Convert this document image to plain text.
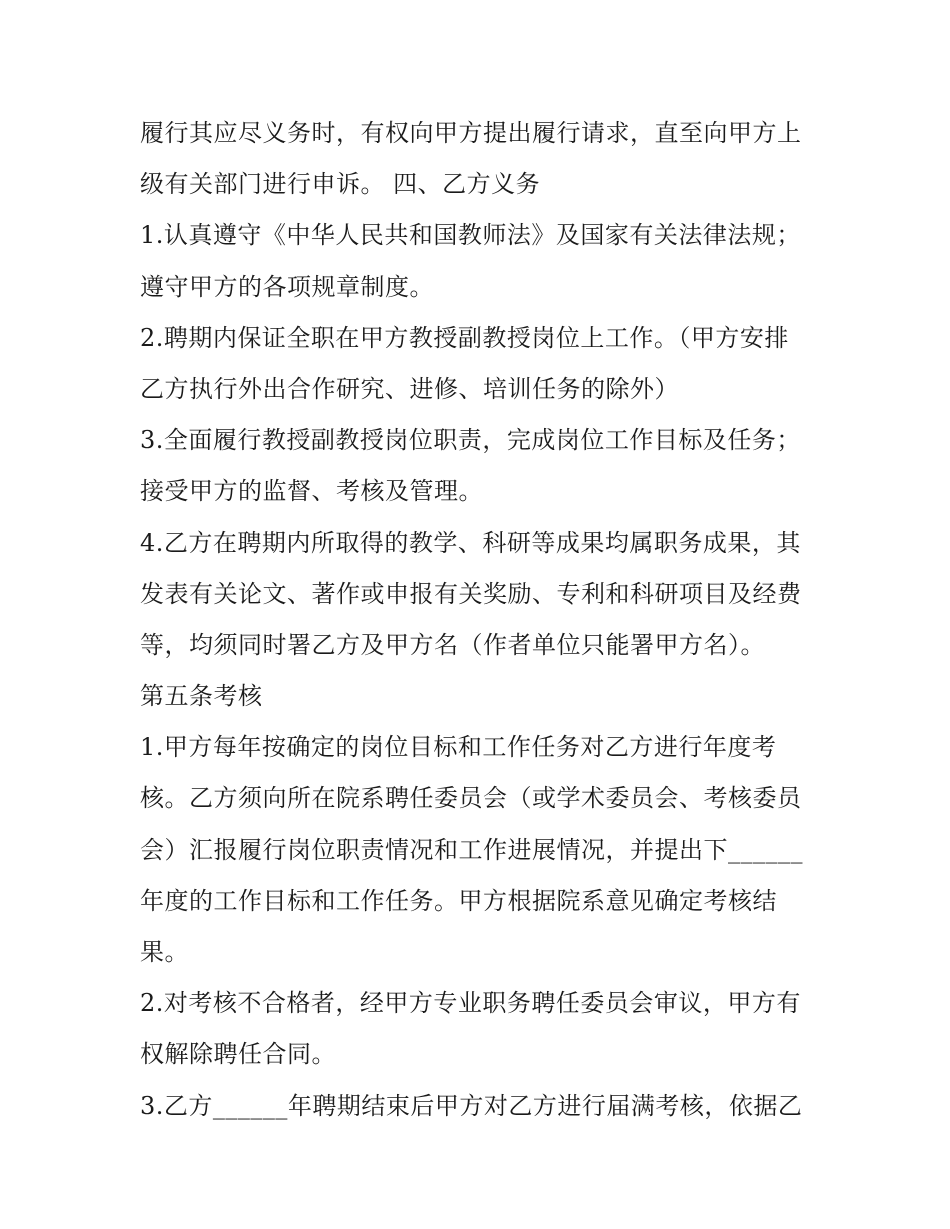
履行其应尽义务时，有权向甲方提出履行请求，直至向甲方上
级有关部门进行申诉。 四、乙方义务
1.认真遵守《中华人民共和国教师法》及国家有关法律法规；
遵守甲方的各项规章制度。
2.聘期内保证全职在甲方教授副教授岗位上工作。（甲方安排
乙方执行外出合作研究、进修、培训任务的除外）
3.全面履行教授副教授岗位职责，完成岗位工作目标及任务；
接受甲方的监督、考核及管理。
4.乙方在聘期内所取得的教学、科研等成果均属职务成果，其
发表有关论文、著作或申报有关奖励、专利和科研项目及经费
等，均须同时署乙方及甲方名（作者单位只能署甲方名）。
第五条考核
1.甲方每年按确定的岗位目标和工作任务对乙方进行年度考
核。乙方须向所在院系聘任委员会（或学术委员会、考核委员
会）汇报履行岗位职责情况和工作进展情况，并提出下______
年度的工作目标和工作任务。甲方根据院系意见确定考核结
果。
2.对考核不合格者，经甲方专业职务聘任委员会审议，甲方有
权解除聘任合同。
3.乙方______年聘期结束后甲方对乙方进行届满考核，依据乙
